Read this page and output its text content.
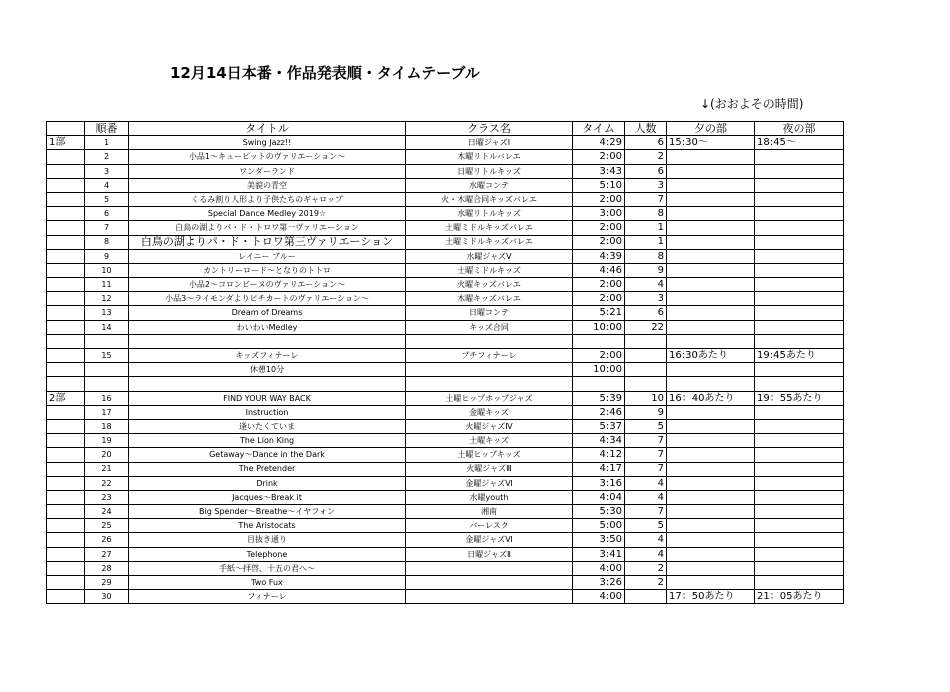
12月14日本番・作品発表順・タイムテーブル
↓(おおよその時間)
	順番	タイトル	クラス名	タイム	人数	夕の部	夜の部
1部	1	Swing Jazz!!	日曜ジャズⅠ	4:29	6	15:30〜	18:45〜
	2	小品1〜キューピットのヴァリエーション〜	木曜リトルバレエ	2:00	2		
	3	ワンダーランド	日曜リトルキッズ	3:43	6		
	4	美貌の青空	水曜コンテ	5:10	3		
	5	くるみ割り人形より子供たちのギャロップ	火・木曜合同キッズバレエ	2:00	7		
	6	Special Dance Medley 2019☆	水曜リトルキッズ	3:00	8		
	7	白鳥の湖よりパ・ド・トロワ第一ヴァリエーション	土曜ミドルキッズバレエ	2:00	1		
	8	白鳥の湖よりパ・ド・トロワ第三ヴァリエーション	土曜ミドルキッズバレエ	2:00	1		
	9	レイニー ブルー	水曜ジャズⅤ	4:39	8		
	10	カントリーロード〜となりのトトロ	土曜ミドルキッズ	4:46	9		
	11	小品2〜コロンビーヌのヴァリエーション〜	火曜キッズバレエ	2:00	4		
	12	小品3〜ライモンダよりピチカートのヴァリエーション〜	木曜キッズバレエ	2:00	3		
	13	Dream of Dreams	日曜コンテ	5:21	6		
	14	わいわいMedley	キッズ合同	10:00	22		

	15	キッズフィナーレ	プチフィナーレ	2:00		16:30あたり	19:45あたり
		休憩10分		10:00			

2部	16	FIND YOUR WAY BACK	土曜ヒップホップジャズ	5:39	10	16：40あたり	19：55あたり
	17	Instruction	金曜キッズ	2:46	9		
	18	逢いたくていま	火曜ジャズⅣ	5:37	5		
	19	The Lion King	土曜キッズ	4:34	7		
	20	Getaway〜Dance in the Dark	土曜ヒップキッズ	4:12	7		
	21	The Pretender	火曜ジャズⅢ	4:17	7		
	22	Drink	金曜ジャズⅥ	3:16	4		
	23	Jacques〜Break it	水曜youth	4:04	4		
	24	Big Spender〜Breathe〜イヤフォン	湘南	5:30	7		
	25	The Aristocats	バーレスク	5:00	5		
	26	目抜き通り	金曜ジャズⅥ	3:50	4		
	27	Telephone	日曜ジャズⅡ	3:41	4		
	28	手紙〜拝啓、十五の君へ〜		4:00	2		
	29	Two Fux		3:26	2		
	30	フィナーレ		4:00		17：50あたり	21：05あたり
